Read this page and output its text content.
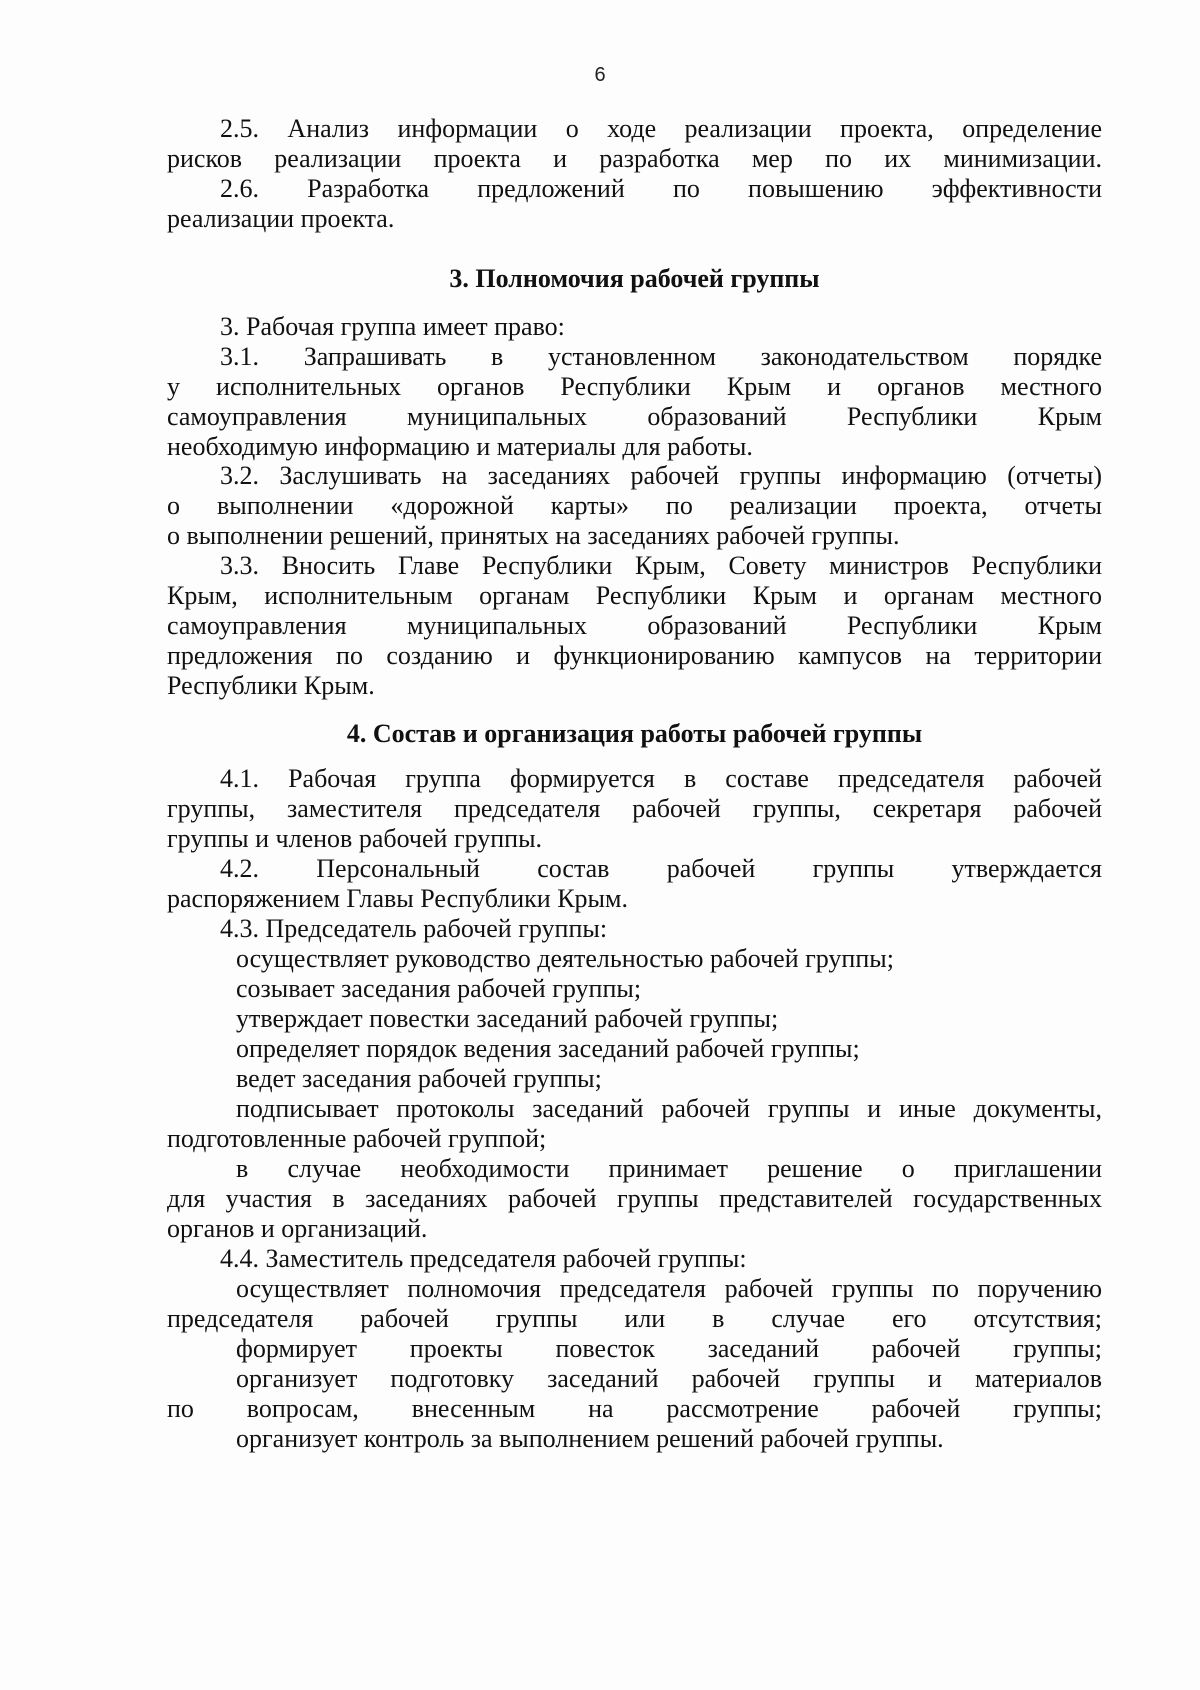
6
2.5. Анализ информации о ходе реализации проекта, определение
рисков реализации проекта и разработка мер по их минимизации.
2.6. Разработка предложений по повышению эффективности
реализации проекта.
3. Полномочия рабочей группы
3. Рабочая группа имеет право:
3.1. Запрашивать в установленном законодательством порядке
у исполнительных органов Республики Крым и органов местного
самоуправления муниципальных образований Республики Крым
необходимую информацию и материалы для работы.
3.2. Заслушивать на заседаниях рабочей группы информацию (отчеты)
о выполнении «дорожной карты» по реализации проекта, отчеты
о выполнении решений, принятых на заседаниях рабочей группы.
3.3. Вносить Главе Республики Крым, Совету министров Республики
Крым, исполнительным органам Республики Крым и органам местного
самоуправления муниципальных образований Республики Крым
предложения по созданию и функционированию кампусов на территории
Республики Крым.
4. Состав и организация работы рабочей группы
4.1. Рабочая группа формируется в составе председателя рабочей
группы, заместителя председателя рабочей группы, секретаря рабочей
группы и членов рабочей группы.
4.2. Персональный состав рабочей группы утверждается
распоряжением Главы Республики Крым.
4.3. Председатель рабочей группы:
осуществляет руководство деятельностью рабочей группы;
созывает заседания рабочей группы;
утверждает повестки заседаний рабочей группы;
определяет порядок ведения заседаний рабочей группы;
ведет заседания рабочей группы;
подписывает протоколы заседаний рабочей группы и иные документы,
подготовленные рабочей группой;
в случае необходимости принимает решение о приглашении
для участия в заседаниях рабочей группы представителей государственных
органов и организаций.
4.4. Заместитель председателя рабочей группы:
осуществляет полномочия председателя рабочей группы по поручению
председателя рабочей группы или в случае его отсутствия;
формирует проекты повесток заседаний рабочей группы;
организует подготовку заседаний рабочей группы и материалов
по вопросам, внесенным на рассмотрение рабочей группы;
организует контроль за выполнением решений рабочей группы.
